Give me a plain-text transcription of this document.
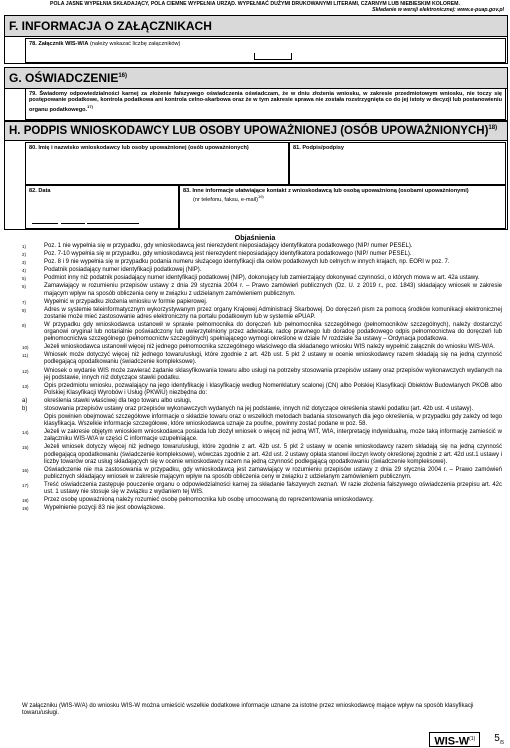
POLA JASNE WYPEŁNIA SKŁADAJĄCY, POLA CIEMNE WYPEŁNIA URZĄD. WYPEŁNIAĆ DUŻYMI DRUKOWANYMI LITERAMI, CZARNYM LUB NIEBIESKIM KOLOREM.
Składanie w wersji elektronicznej: www.e-puap.gov.pl
F. INFORMACJA O ZAŁĄCZNIKACH
78. Załącznik WIS-W/A (należy wskazać liczbę załączników)
G. OŚWIADCZENIE$^{16)}$
79. Świadomy odpowiedzialności karnej za złożenie fałszywego oświadczenia oświadczam, że w dniu złożenia wniosku, w zakresie przedmiotowym wniosku, nie toczy się postępowanie podatkowe, kontrola podatkowa ani kontrola celno-skarbowa oraz że w tym zakresie sprawa nie została rozstrzygnięta co do jej istoty w decyzji lub postanowieniu organu podatkowego.$^{17)}$
H. PODPIS WNIOSKODAWCY LUB OSOBY UPOWAŻNIONEJ (OSÓB UPOWAŻNIONYCH)$^{18)}$
80. Imię i nazwisko wnioskodawcy lub osoby upoważnionej (osób upoważnionych)	81. Podpis/podpisy
82. Data
	83. Inne informacje ułatwiające kontakt z wnioskodawcą lub osobą upoważnioną (osobami upoważnionymi)
(nr telefonu, faksu, e-mail)$^{19)}$
Objaśnienia
1)	Poz. 1 nie wypełnia się w przypadku, gdy wnioskodawcą jest nierezydent nieposiadający identyfikatora podatkowego (NIP/ numer PESEL).
2)	Poz. 7-10 wypełnia się w przypadku, gdy wnioskodawcą jest nierezydent nieposiadający identyfikatora podatkowego (NIP/ numer PESEL).
3)	Poz. 8 i 9 nie wypełnia się w przypadku podania numeru służącego identyfikacji dla celów podatkowych lub celnych w innych krajach, np. EORI w poz. 7.
4)	Podatnik posiadający numer identyfikacji podatkowej (NIP).
5)	Podmiot inny niż podatnik posiadający numer identyfikacji podatkowej (NIP), dokonujący lub zamierzający dokonywać czynności, o których mowa w art. 42a ustawy.
6)	Zamawiający w rozumieniu przepisów ustawy z dnia 29 stycznia 2004 r. – Prawo zamówień publicznych (Dz. U. z 2019 r., poz. 1843) składający wniosek w zakresie mającym wpływ na sposób obliczenia ceny w związku z udzielanym zamówieniem publicznym.
7)	Wypełnić w przypadku złożenia wniosku w formie papierowej.
8)	Adres w systemie teleinformatycznym wykorzystywanym przez organy Krajowej Administracji Skarbowej. Do doręczeń pism za pomocą środków komunikacji elektronicznej zostanie może mieć zastosowanie adres elektroniczny na portalu podatkowym lub w systemie ePUAP.
9)	W przypadku gdy wnioskodawca ustanowił w sprawie pełnomocnika do doręczeń lub pełnomocnika szczególnego (pełnomocników szczególnych), należy dostarczyć organowi oryginał lub notarialnie poświadczony lub uwierzytelniony przez adwokata, radcę prawnego lub doradcę podatkowego odpis pełnomocnictwa do doręczeń lub pełnomocnictwa szczególnego (pełnomocnictw szczególnych) spełniającego wymogi określone w dziale IV rozdziale 3a ustawy – Ordynacja podatkowa.
10)	Jeżeli wnioskodawca ustanowił więcej niż jednego pełnomocnika szczególnego właściwego dla składanego wniosku WIS należy wypełnić załącznik do wniosku WIS-W/A.
11)	Wniosek może dotyczyć więcej niż jednego towaru/usługi, które zgodnie z art. 42b ust. 5 pkt 2 ustawy w ocenie wnioskodawcy razem składają się na jedną czynność podlegającą opodatkowaniu (świadczenie kompleksowe).
12)	Wniosek o wydanie WIS może zawierać żądanie sklasyfikowania towaru albo usługi na potrzeby stosowania przepisów ustawy oraz przepisów wykonawczych wydanych na jej podstawie, innych niż dotyczące stawki podatku.
13)	Opis przedmiotu wniosku, pozwalający na jego identyfikację i klasyfikację według Nomenklatury scalonej (CN) albo Polskiej Klasyfikacji Obiektów Budowlanych PKOB albo Polskiej Klasyfikacji Wyrobów i Usług (PKWiU) niezbędna do:
a)	określenia stawki właściwej dla tego towaru albo usługi,
b)	stosowania przepisów ustawy oraz przepisów wykonawczych wydanych na jej podstawie, innych niż dotyczące określenia stawki podatku (art. 42b ust. 4 ustawy).
Opis powinien obejmować szczegółowe informacje o składzie towaru oraz o wszelkich metodach badania stosowanych dla jego określenia, w przypadku gdy zależy od tego klasyfikacja. Wszelkie informacje szczegółowe, które wnioskodawca uznaje za poufne, powinny zostać podane w poz. 58.
14)	Jeżeli w zakresie objętym wnioskiem wnioskodawca posiada lub złożył wniosek o więcej niż jedną WIT, WIA, interpretację indywidualną, może taką informację zamieścić w załączniku WIS-W/A w części C informacje uzupełniające.
15)	Jeżeli wniosek dotyczy więcej niż jednego towaru/usługi, które zgodnie z art. 42b ust. 5 pkt 2 ustawy w ocenie wnioskodawcy razem składają się na jedną czynność podlegającą opodatkowaniu (świadczenie kompleksowe), wówczas zgodnie z art. 42d ust. 2 ustawy opłata stanowi iloczyn kwoty określonej zgodnie z art. 42d ust.1 ustawy i liczby towarów oraz usług składających się w ocenie wnioskodawcy razem na jedną czynność podlegającą opodatkowaniu (świadczenie kompleksowe).
16)	Oświadczenie nie ma zastosowania w przypadku, gdy wnioskodawcą jest zamawiający w rozumieniu przepisów ustawy z dnia 29 stycznia 2004 r. – Prawo zamówień publicznych składający wniosek w zakresie mającym wpływ na sposób obliczenia ceny w związku z udzielanym zamówieniem publicznym.
17)	Treść oświadczenia zastępuje pouczenie organu o odpowiedzialności karnej za składanie fałszywych zeznań. W razie złożenia fałszywego oświadczenia przepisu art. 42c ust. 1 ustawy nie stosuje się w związku z wydaniem tej WIS.
18)	Przez osobę upoważnioną należy rozumieć osobę pełnomocnika lub osobę umocowaną do reprezentowania wnioskodawcy.
19)	Wypełnienie pozycji 83 nie jest obowiązkowe.
W załączniku (WIS-W/A) do wniosku WIS-W można umieścić wszelkie dodatkowe informacje uznane za istotne przez wnioskodawcę mające wpływ na sposób klasyfikacji towaru/usługi.
WIS-$W^{(1)}$	$5_{/5}$
